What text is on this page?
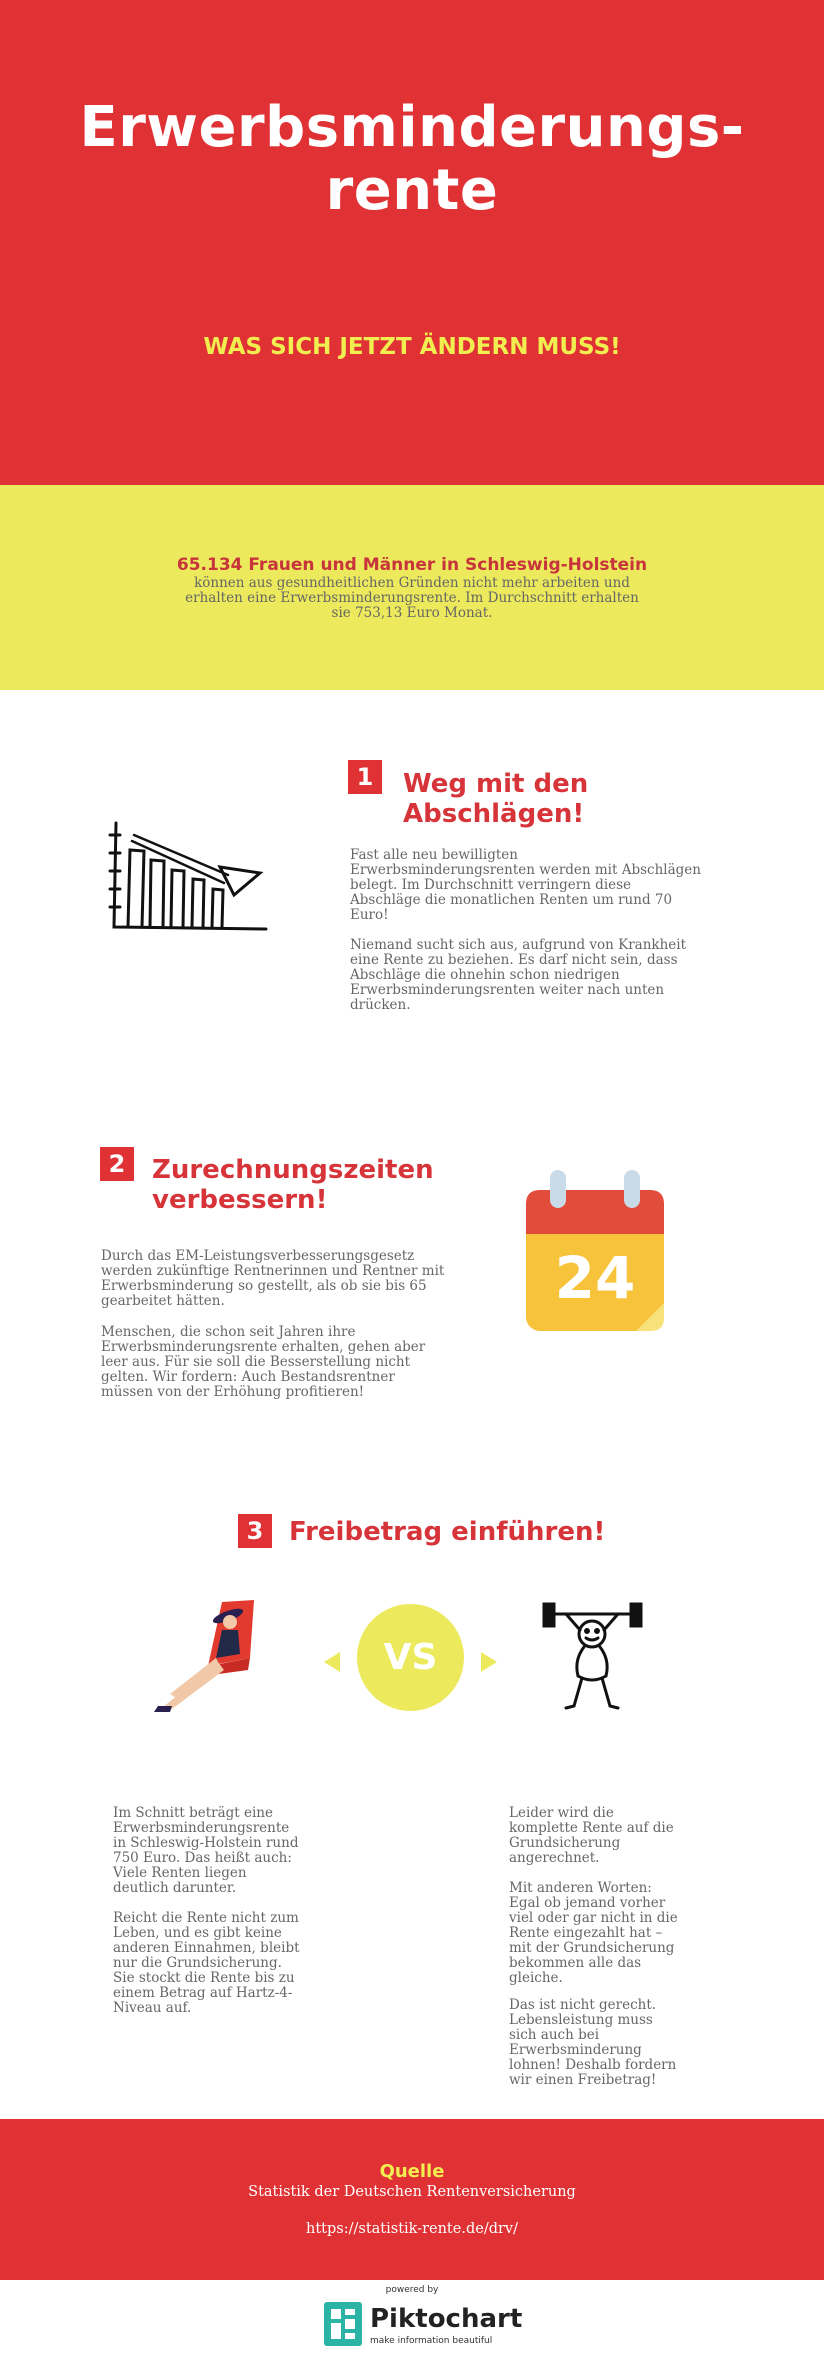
Erwerbsminderungs-
rente
WAS SICH JETZT ÄNDERN MUSS!
65.134 Frauen und Männer in Schleswig-Holstein
können aus gesundheitlichen Gründen nicht mehr arbeiten und
erhalten eine Erwerbsminderungsrente. Im Durchschnitt erhalten
sie 753,13 Euro Monat.
1	Weg mit den
Abschlägen!
Fast alle neu bewilligten
Erwerbsminderungsrenten werden mit Abschlägen
belegt. Im Durchschnitt verringern diese
Abschläge die monatlichen Renten um rund 70
Euro!
Niemand sucht sich aus, aufgrund von Krankheit
eine Rente zu beziehen. Es darf nicht sein, dass
Abschläge die ohnehin schon niedrigen
Erwerbsminderungsrenten weiter nach unten
drücken.
2	Zurechnungszeiten
verbessern!
Durch das EM-Leistungsverbesserungsgesetz
werden zukünftige Rentnerinnen und Rentner mit
Erwerbsminderung so gestellt, als ob sie bis 65
gearbeitet hätten.
Menschen, die schon seit Jahren ihre
Erwerbsminderungsrente erhalten, gehen aber
leer aus. Für sie soll die Besserstellung nicht
gelten. Wir fordern: Auch Bestandsrentner
müssen von der Erhöhung profitieren!
24
3 Freibetrag einführen!
VS
Im Schnitt beträgt eine
Erwerbsminderungsrente
in Schleswig-Holstein rund
750 Euro. Das heißt auch:
Viele Renten liegen
deutlich darunter.
Reicht die Rente nicht zum
Leben, und es gibt keine
anderen Einnahmen, bleibt
nur die Grundsicherung.
Sie stockt die Rente bis zu
einem Betrag auf Hartz-4-
Niveau auf.
Leider wird die
komplette Rente auf die
Grundsicherung
angerechnet.
Mit anderen Worten:
Egal ob jemand vorher
viel oder gar nicht in die
Rente eingezahlt hat –
mit der Grundsicherung
bekommen alle das
gleiche.
Das ist nicht gerecht.
Lebensleistung muss
sich auch bei
Erwerbsminderung
lohnen! Deshalb fordern
wir einen Freibetrag!
Quelle
Statistik der Deutschen Rentenversicherung
https://statistik-rente.de/drv/
powered by
Piktochart
make information beautiful
